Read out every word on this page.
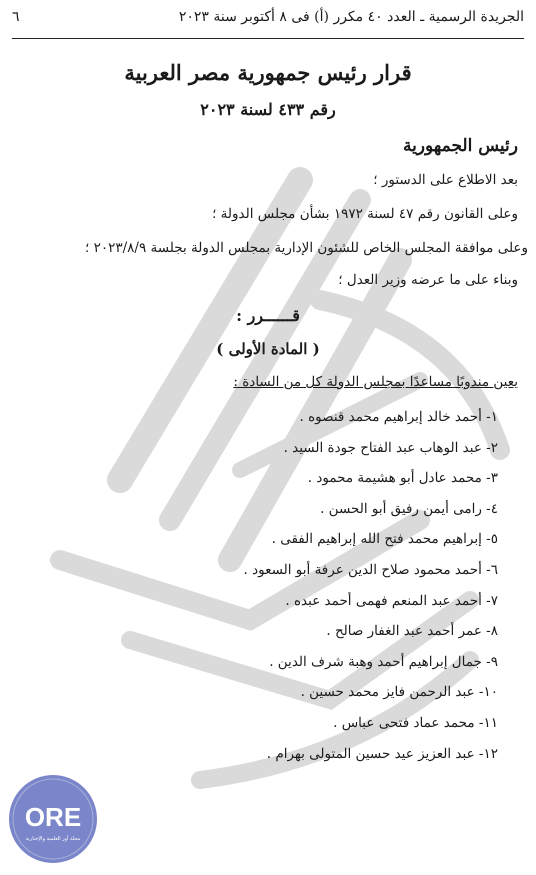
الجريدة الرسمية ـ العدد ٤٠ مكرر (أ) فى ٨ أكتوبر سنة ٢٠٢٣
٦
قرار رئيس جمهورية مصر العربية
رقم ٤٣٣ لسنة ٢٠٢٣
رئيس الجمهورية
بعد الاطلاع على الدستور ؛
وعلى القانون رقم ٤٧ لسنة ١٩٧٢ بشأن مجلس الدولة ؛
وعلى موافقة المجلس الخاص للشئون الإدارية بمجلس الدولة بجلسة ٢٠٢٣/٨/٩ ؛
وبناء على ما عرضه وزير العدل ؛
قــــــرر :
( المادة الأولى )
يعين مندوبًا مساعدًا بمجلس الدولة كل من السادة :
١- أحمد خالد إبراهيم محمد قنصوه .
٢- عبد الوهاب عبد الفتاح جودة السيد .
٣- محمد عادل أبو هشيمة محمود .
٤- رامى أيمن رفيق أبو الحسن .
٥- إبراهيم محمد فتح الله إبراهيم الفقى .
٦- أحمد محمود صلاح الدين عرفة أبو السعود .
٧- أحمد عبد المنعم فهمى أحمد عبده .
٨- عمر أحمد عبد الغفار صالح .
٩- جمال إبراهيم أحمد وهبة شرف الدين .
١٠- عبد الرحمن فايز محمد حسين .
١١- محمد عماد فتحى عباس .
١٢- عبد العزيز عيد حسين المتولى بهرام .
ORE
مجلة أور العلمية والإخبارية
